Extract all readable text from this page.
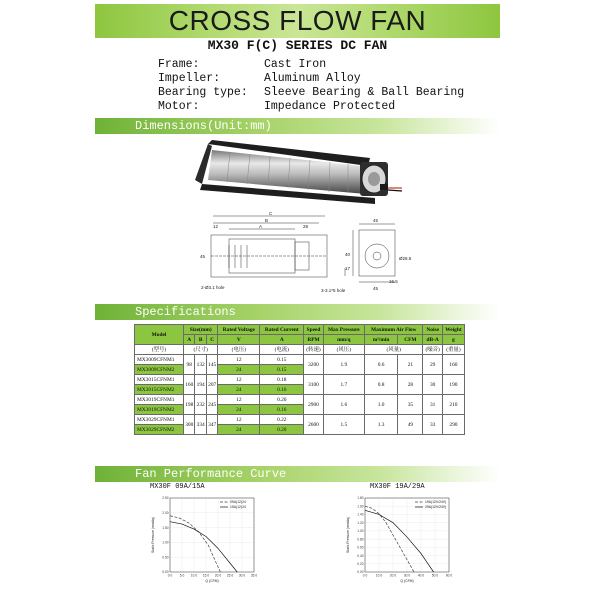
CROSS FLOW FAN
MX30 F(C) SERIES DC FAN
Frame:	Cast Iron
Impeller:	Aluminum Alloy
Bearing type: Sleeve Bearing & Ball Bearing
Motor:	Impedance Protected
Dimensions(Unit:mm)
C
B
A
12	28
45
45
17
40
16.5
45
2-Ø3.1 hole
3-3.1*5 hole
Ø28.5
Specifications
Model	Size(mm)			Rated Voltage	Rated Current	Speed	Max Pressure	Maximum Air Flow		Noise	Weight
	A	B	C	V	A	RPM	mm/q	m³/min	CFM	dB-A	g
(型号)	(尺寸)			(电压)	(电流)	(转速)	(风压)	(风量)		(噪音)	(重量)
MX3009CFNM1	98	132	145	12	0.15	3200	1.9	0.6	21	29	160
MX3009CFNM2				24	0.15						
MX3015CFNM1	160	194	207	12	0.18	3100	1.7	0.8	28	30	190
MX3015CFNM2				24	0.16						
MX3019CFNM1	198	232	245	12	0.20	2900	1.6	1.0	35	31	210
MX3019CFNM2				24	0.16						
MX3029CFNM1	300	334	347	12	0.22	2600	1.5	1.3	49	33	290
MX3029CFNM2				24	0.20						
Fan Performance Curve
MX30F 09A/15A	MX30F 19A/29A
0.00
0.50
1.00
1.50
2.00
2.50
0.0 5.0 10.0 15.0 20.0 25.0 30.0 35.0
Q (CFM)
Static Pressure (mmAq)
09A(12)24
15A(12)24
0.00
0.20
0.40
0.60
0.80
1.00
1.20
1.40
1.60
1.80
0.0	10.0 20.0 30.0 40.0 50.0 60.0
Q (CFM)
Static Pressure (mmAq)
19A(12V/24V)
29A(12V/24V)
